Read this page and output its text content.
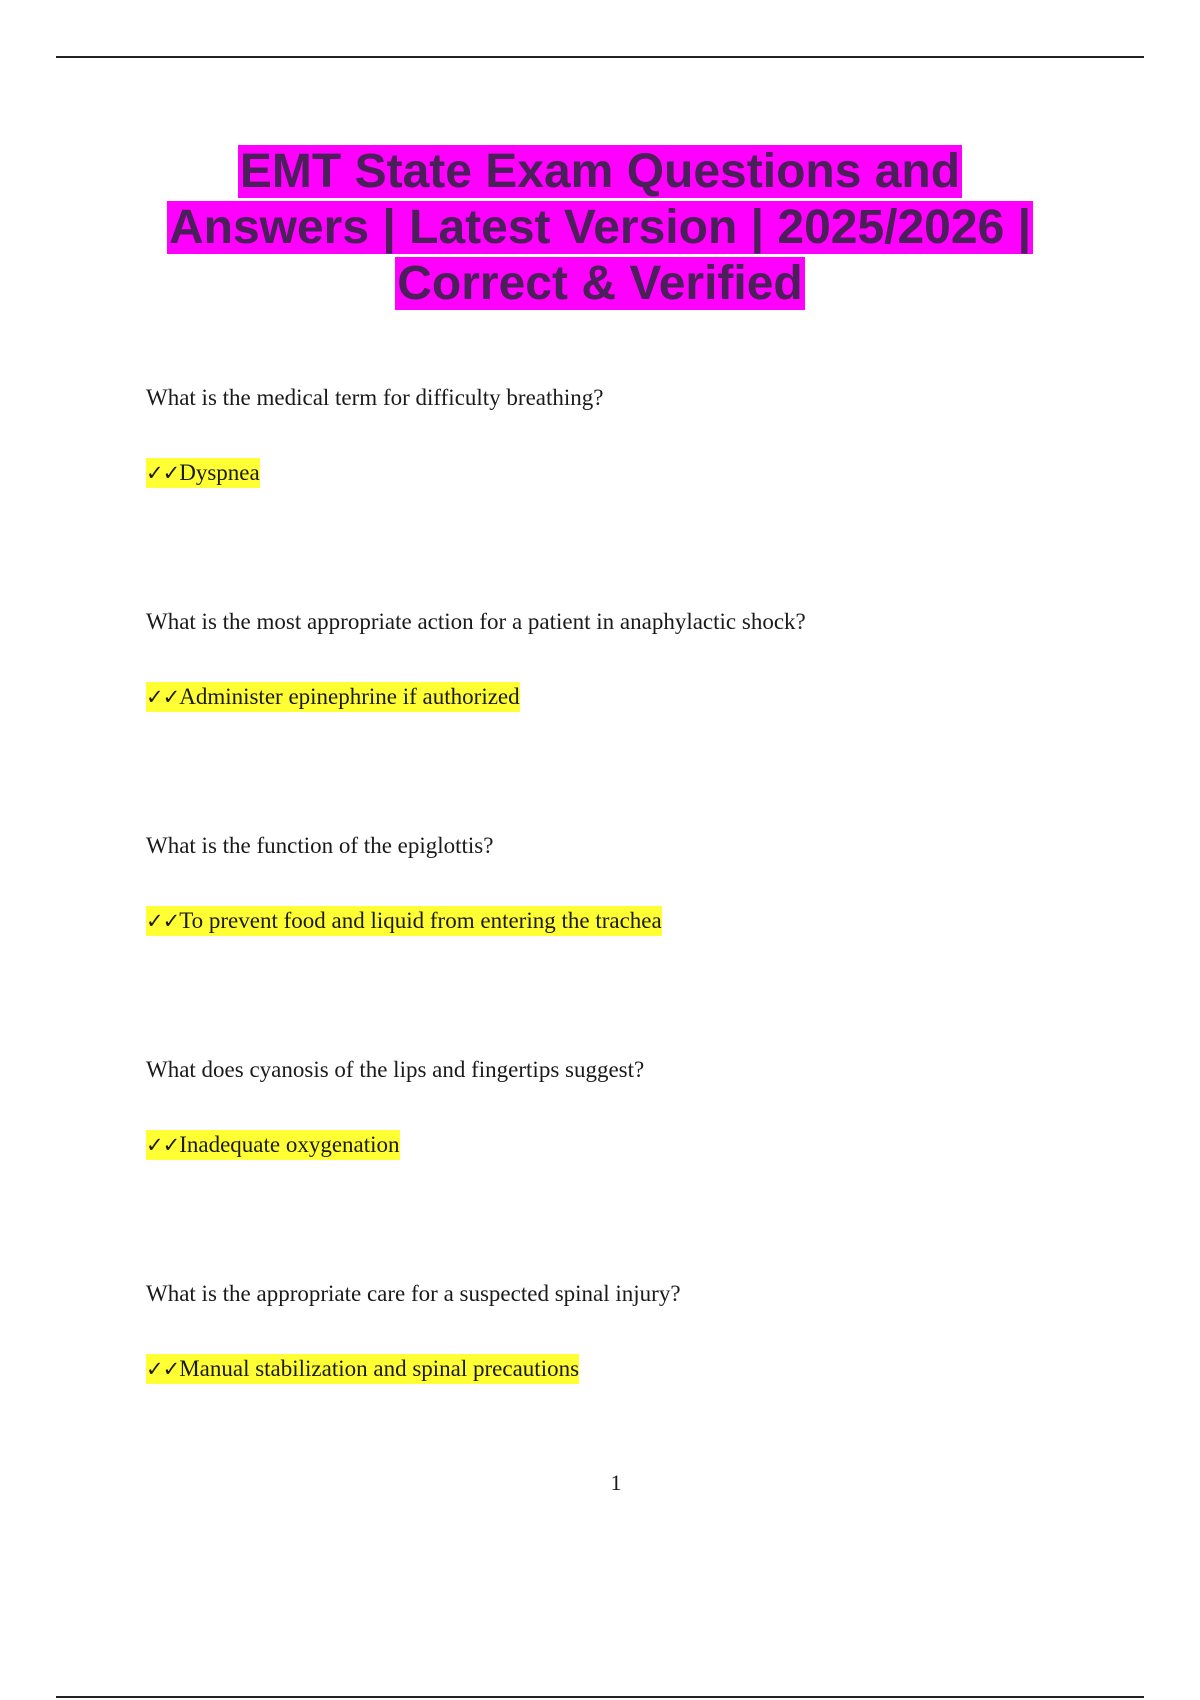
EMT State Exam Questions and
Answers | Latest Version | 2025/2026 |
Correct & Verified

What is the medical term for difficulty breathing?

✓✓Dyspnea

What is the most appropriate action for a patient in anaphylactic shock?

✓✓Administer epinephrine if authorized

What is the function of the epiglottis?

✓✓To prevent food and liquid from entering the trachea

What does cyanosis of the lips and fingertips suggest?

✓✓Inadequate oxygenation

What is the appropriate care for a suspected spinal injury?

✓✓Manual stabilization and spinal precautions
1
